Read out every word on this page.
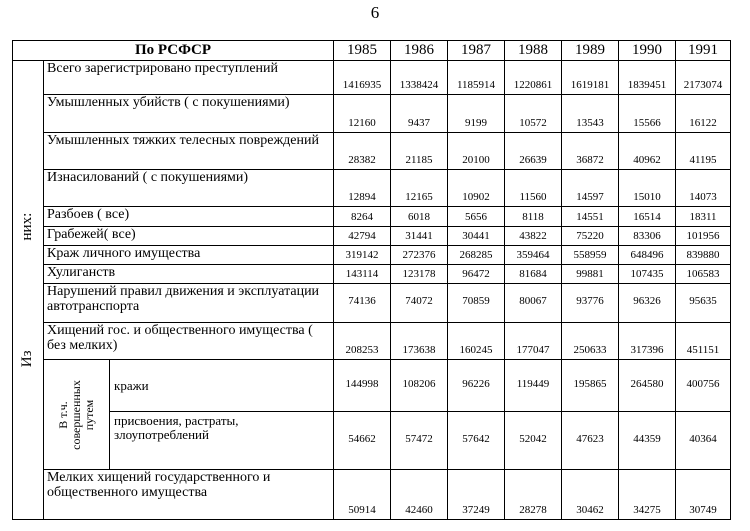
6
По РСФСР			1985	1986	1987	1988	1989	1990	1991

Изних:	Всего зарегистрировано преступлений		1416935	1338424	1185914	1220861	1619181	1839451	2173074
	Умышленных убийств ( с покушениями)		12160	9437	9199	10572	13543	15566	16122
	Умышленных тяжких телесных повреждений		28382	21185	20100	26639	36872	40962	41195
	Изнасилований ( с покушениями)		12894	12165	10902	11560	14597	15010	14073
	Разбоев ( все)		8264	6018	5656	8118	14551	16514	18311
	Грабежей( все)		42794	31441	30441	43822	75220	83306	101956
	Краж личного имущества		319142	272376	268285	359464	558959	648496	839880
	Хулиганств		143114	123178	96472	81684	99881	107435	106583
	Нарушений правил движения и эксплуатации автотранспорта		74136	74072	70859	80067	93776	96326	95635
	Хищений гос. и общественного имущества ( без мелких)		208253	173638	160245	177047	250633	317396	451151

	В т.ч. совершенных путем	кражи	144998	108206	96226	119449	195865	264580	400756
		присвоения, растраты, злоупотреблений	54662	57472	57642	52042	47623	44359	40364
	Мелких хищений государственного и общественного имущества		50914	42460	37249	28278	30462	34275	30749
